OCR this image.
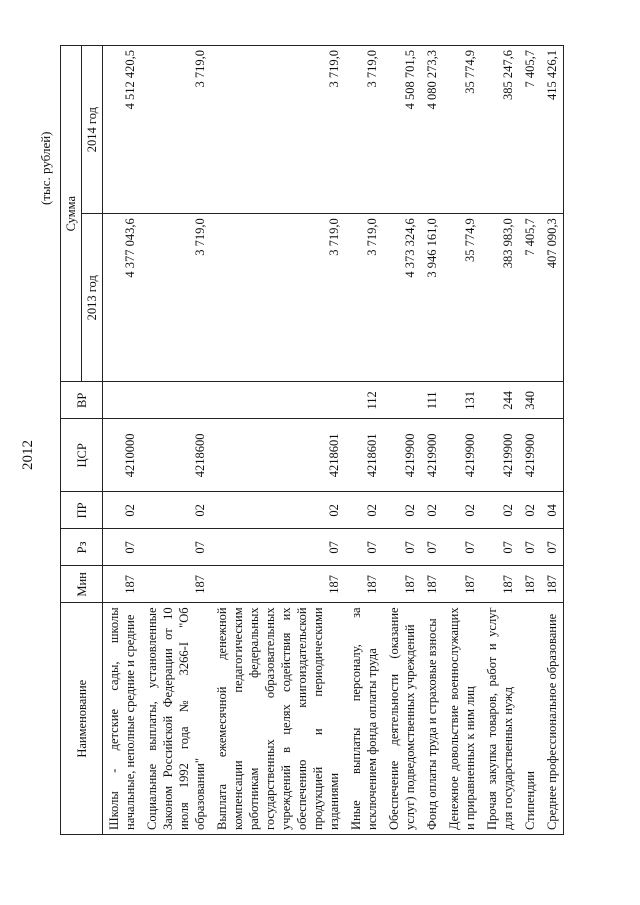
2012
(тыс. рублей)
Наименование	Мин	Рз	ПР	ЦСР	ВР	Сумма	
						2013 год	2014 год
Школы - детские сады, школы начальные, неполные средние и средние	187	07	02	4210000		4 377 043,6	4 512 420,5
Социальные выплаты, установленные Законом Российской Федерации от 10 июля 1992 года № 3266-I "Об образовании"	187	07	02	4218600		3 719,0	3 719,0
Выплата ежемесячной денежной компенсации педагогическим работникам федеральных государственных образовательных учреждений в целях содействия их обеспечению книгоиздательской продукцией и периодическими изданиями	187	07	02	4218601		3 719,0	3 719,0
Иные выплаты персоналу, за исключением фонда оплаты труда	187	07	02	4218601	112	3 719,0	3 719,0
Обеспечение деятельности (оказание услуг) подведомственных учреждений	187	07	02	4219900		4 373 324,6	4 508 701,5
Фонд оплаты труда и страховые взносы	187	07	02	4219900	111	3 946 161,0	4 080 273,3
Денежное довольствие военнослужащих и приравненных к ним лиц	187	07	02	4219900	131	35 774,9	35 774,9
Прочая закупка товаров, работ и услуг для государственных нужд	187	07	02	4219900	244	383 983,0	385 247,6
Стипендии	187	07	02	4219900	340	7 405,7	7 405,7
Среднее профессиональное образование	187	07	04			407 090,3	415 426,1
